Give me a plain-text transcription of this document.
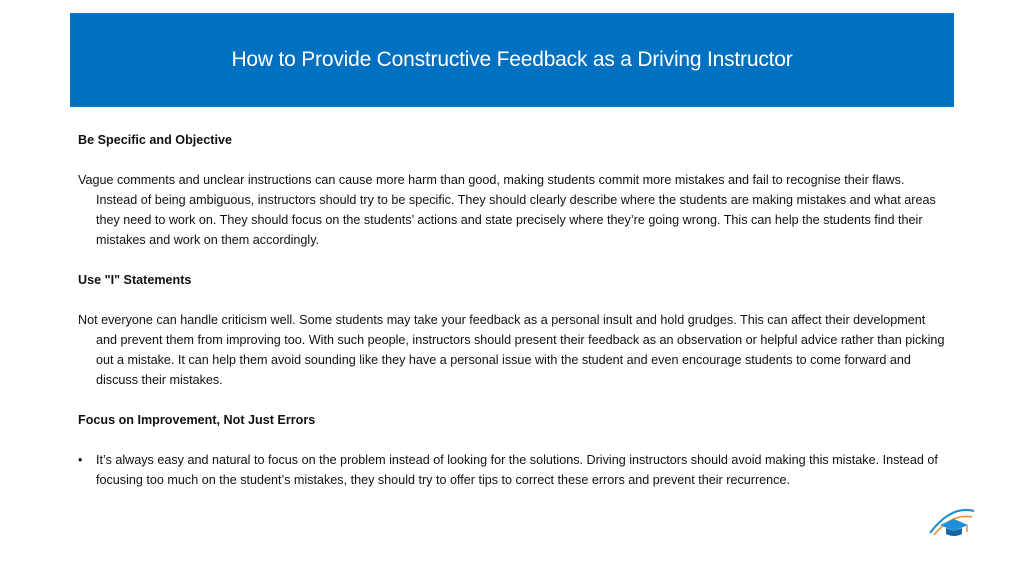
How to Provide Constructive Feedback as a Driving Instructor

Be Specific and Objective

Vague comments and unclear instructions can cause more harm than good, making students commit more mistakes and fail to recognise their flaws. Instead of being ambiguous, instructors should try to be specific. They should clearly describe where the students are making mistakes and what areas they need to work on. They should focus on the students’ actions and state precisely where they’re going wrong. This can help the students find their mistakes and work on them accordingly.

Use "I" Statements

Not everyone can handle criticism well. Some students may take your feedback as a personal insult and hold grudges. This can affect their development and prevent them from improving too. With such people, instructors should present their feedback as an observation or helpful advice rather than picking out a mistake. It can help them avoid sounding like they have a personal issue with the student and even encourage students to come forward and discuss their mistakes.

Focus on Improvement, Not Just Errors

•	It’s always easy and natural to focus on the problem instead of looking for the solutions. Driving instructors should avoid making this mistake. Instead of focusing too much on the student’s mistakes, they should try to offer tips to correct these errors and prevent their recurrence.
